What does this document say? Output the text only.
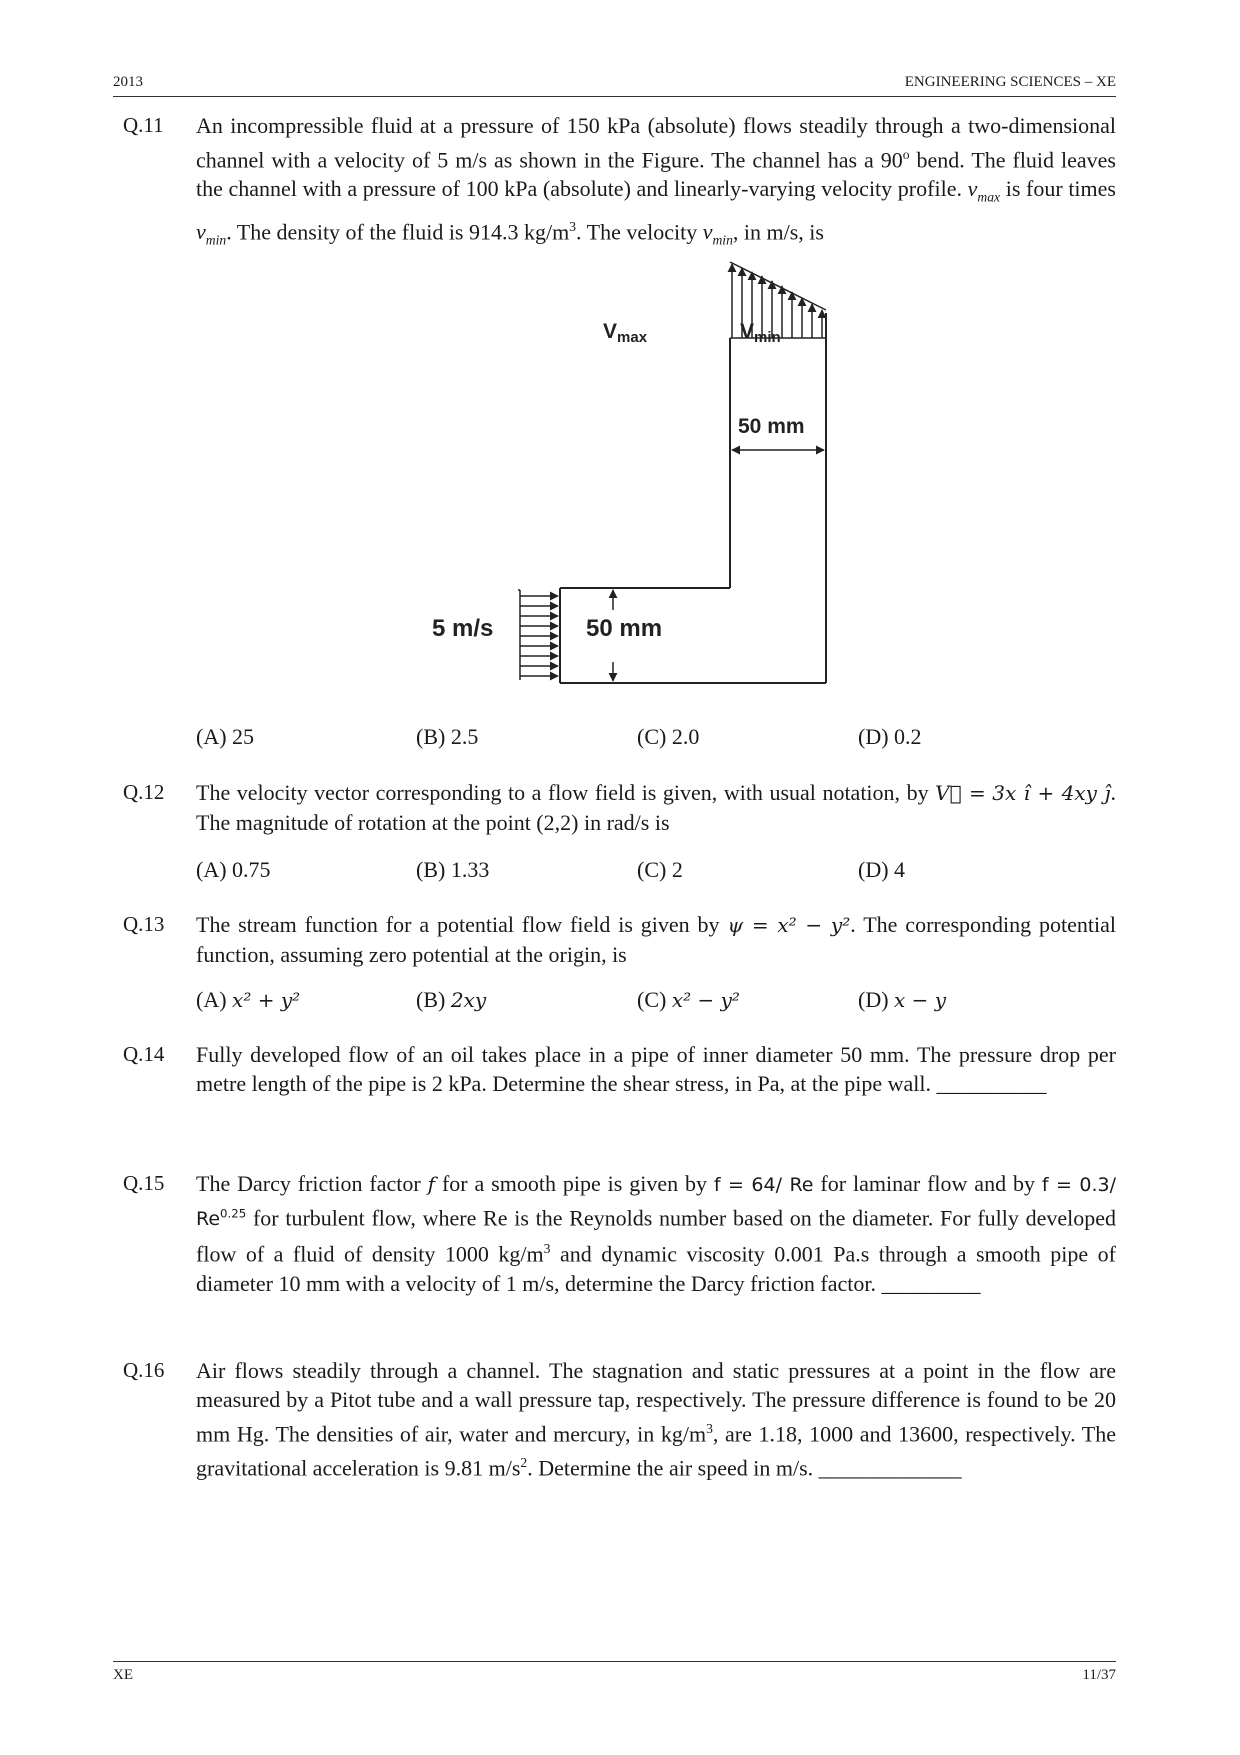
2013	ENGINEERING SCIENCES – XE
Q.11	An incompressible fluid at a pressure of 150 kPa (absolute) flows steadily through a two-dimensional channel with a velocity of 5 m/s as shown in the Figure. The channel has a 90$^o$ bend. The fluid leaves the channel with a pressure of 100 kPa (absolute) and linearly-varying velocity profile. $v_{max}$ is four times $v_{min}$. The density of the fluid is 914.3 $kg/m^3$. The velocity $v_{min}$, in m/s, is
Vmax	Vmin
50 mm
5 m/s	50 mm
(A) 25	(B) 2.5	(C) 2.0	(D) 0.2
Q.12	The velocity vector corresponding to a flow field is given, with usual notation, by V⃗ = 3x î + 4xy ĵ. The magnitude of rotation at the point (2,2) in rad/s is
(A) 0.75	(B) 1.33	(C) 2	(D) 4
Q.13	The stream function for a potential flow field is given by ψ = x² − y². The corresponding potential function, assuming zero potential at the origin, is
(A) x² + y²	(B) 2xy	(C) x² − y²	(D) x − y
Q.14	Fully developed flow of an oil takes place in a pipe of inner diameter 50 mm. The pressure drop per metre length of the pipe is 2 kPa. Determine the shear stress, in Pa, at the pipe wall. __________
Q.15	The Darcy friction factor f for a smooth pipe is given by f = 64/ Re for laminar flow and by f = 0.3/ $Re^{0.25}$ for turbulent flow, where Re is the Reynolds number based on the diameter. For fully developed flow of a fluid of density 1000 $kg/m^3$ and dynamic viscosity 0.001 Pa.s through a smooth pipe of diameter 10 mm with a velocity of 1 m/s, determine the Darcy friction factor. _________
Q.16	Air flows steadily through a channel. The stagnation and static pressures at a point in the flow are measured by a Pitot tube and a wall pressure tap, respectively. The pressure difference is found to be 20 mm Hg. The densities of air, water and mercury, in $kg/m^3$, are 1.18, 1000 and 13600, respectively. The gravitational acceleration is 9.81 $m/s^2$. Determine the air speed in m/s. _____________
XE	11/37
